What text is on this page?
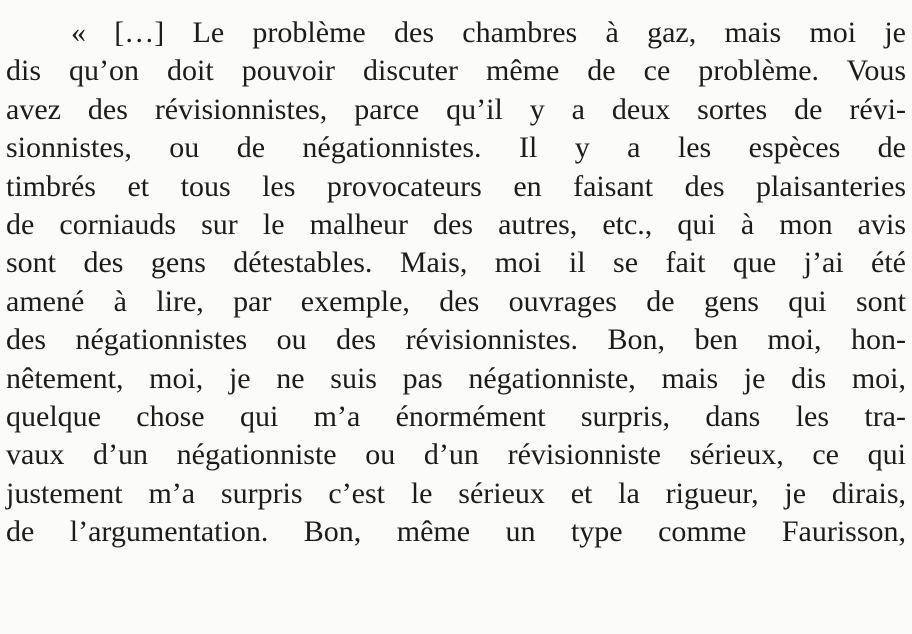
« […] Le problème des chambres à gaz, mais moi je
dis qu’on doit pouvoir discuter même de ce problème. Vous
avez des révisionnistes, parce qu’il y a deux sortes de révi-
sionnistes, ou de négationnistes. Il y a les espèces de
timbrés et tous les provocateurs en faisant des plaisanteries
de corniauds sur le malheur des autres, etc., qui à mon avis
sont des gens détestables. Mais, moi il se fait que j’ai été
amené à lire, par exemple, des ouvrages de gens qui sont
des négationnistes ou des révisionnistes. Bon, ben moi, hon-
nêtement, moi, je ne suis pas négationniste, mais je dis moi,
quelque chose qui m’a énormément surpris, dans les tra-
vaux d’un négationniste ou d’un révisionniste sérieux, ce qui
justement m’a surpris c’est le sérieux et la rigueur, je dirais,
de l’argumentation. Bon, même un type comme Faurisson,
